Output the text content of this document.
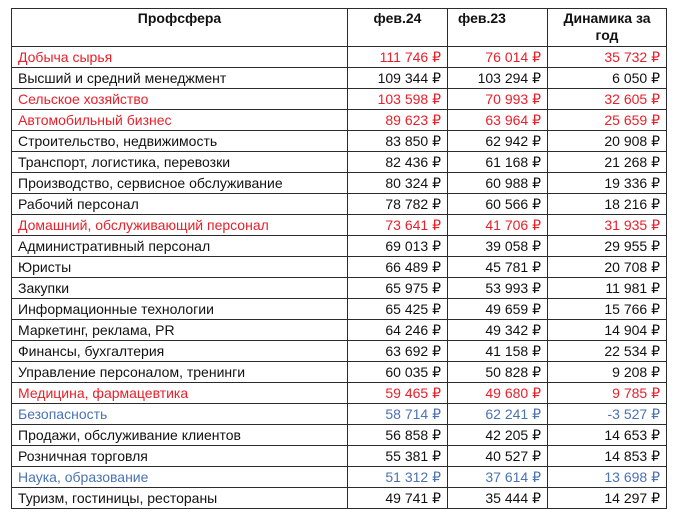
Профсфера	фев.24	фев.23	Динамика за год
Добыча сырья	111 746 ₽	76 014 ₽	35 732 ₽
Высший и средний менеджмент	109 344 ₽	103 294 ₽	6 050 ₽
Сельское хозяйство	103 598 ₽	70 993 ₽	32 605 ₽
Автомобильный бизнес	89 623 ₽	63 964 ₽	25 659 ₽
Строительство, недвижимость	83 850 ₽	62 942 ₽	20 908 ₽
Транспорт, логистика, перевозки	82 436 ₽	61 168 ₽	21 268 ₽
Производство, сервисное обслуживание	80 324 ₽	60 988 ₽	19 336 ₽
Рабочий персонал	78 782 ₽	60 566 ₽	18 216 ₽
Домашний, обслуживающий персонал	73 641 ₽	41 706 ₽	31 935 ₽
Административный персонал	69 013 ₽	39 058 ₽	29 955 ₽
Юристы	66 489 ₽	45 781 ₽	20 708 ₽
Закупки	65 975 ₽	53 993 ₽	11 981 ₽
Информационные технологии	65 425 ₽	49 659 ₽	15 766 ₽
Маркетинг, реклама, PR	64 246 ₽	49 342 ₽	14 904 ₽
Финансы, бухгалтерия	63 692 ₽	41 158 ₽	22 534 ₽
Управление персоналом, тренинги	60 035 ₽	50 828 ₽	9 208 ₽
Медицина, фармацевтика	59 465 ₽	49 680 ₽	9 785 ₽
Безопасность	58 714 ₽	62 241 ₽	-3 527 ₽
Продажи, обслуживание клиентов	56 858 ₽	42 205 ₽	14 653 ₽
Розничная торговля	55 381 ₽	40 527 ₽	14 853 ₽
Наука, образование	51 312 ₽	37 614 ₽	13 698 ₽
Туризм, гостиницы, рестораны	49 741 ₽	35 444 ₽	14 297 ₽
